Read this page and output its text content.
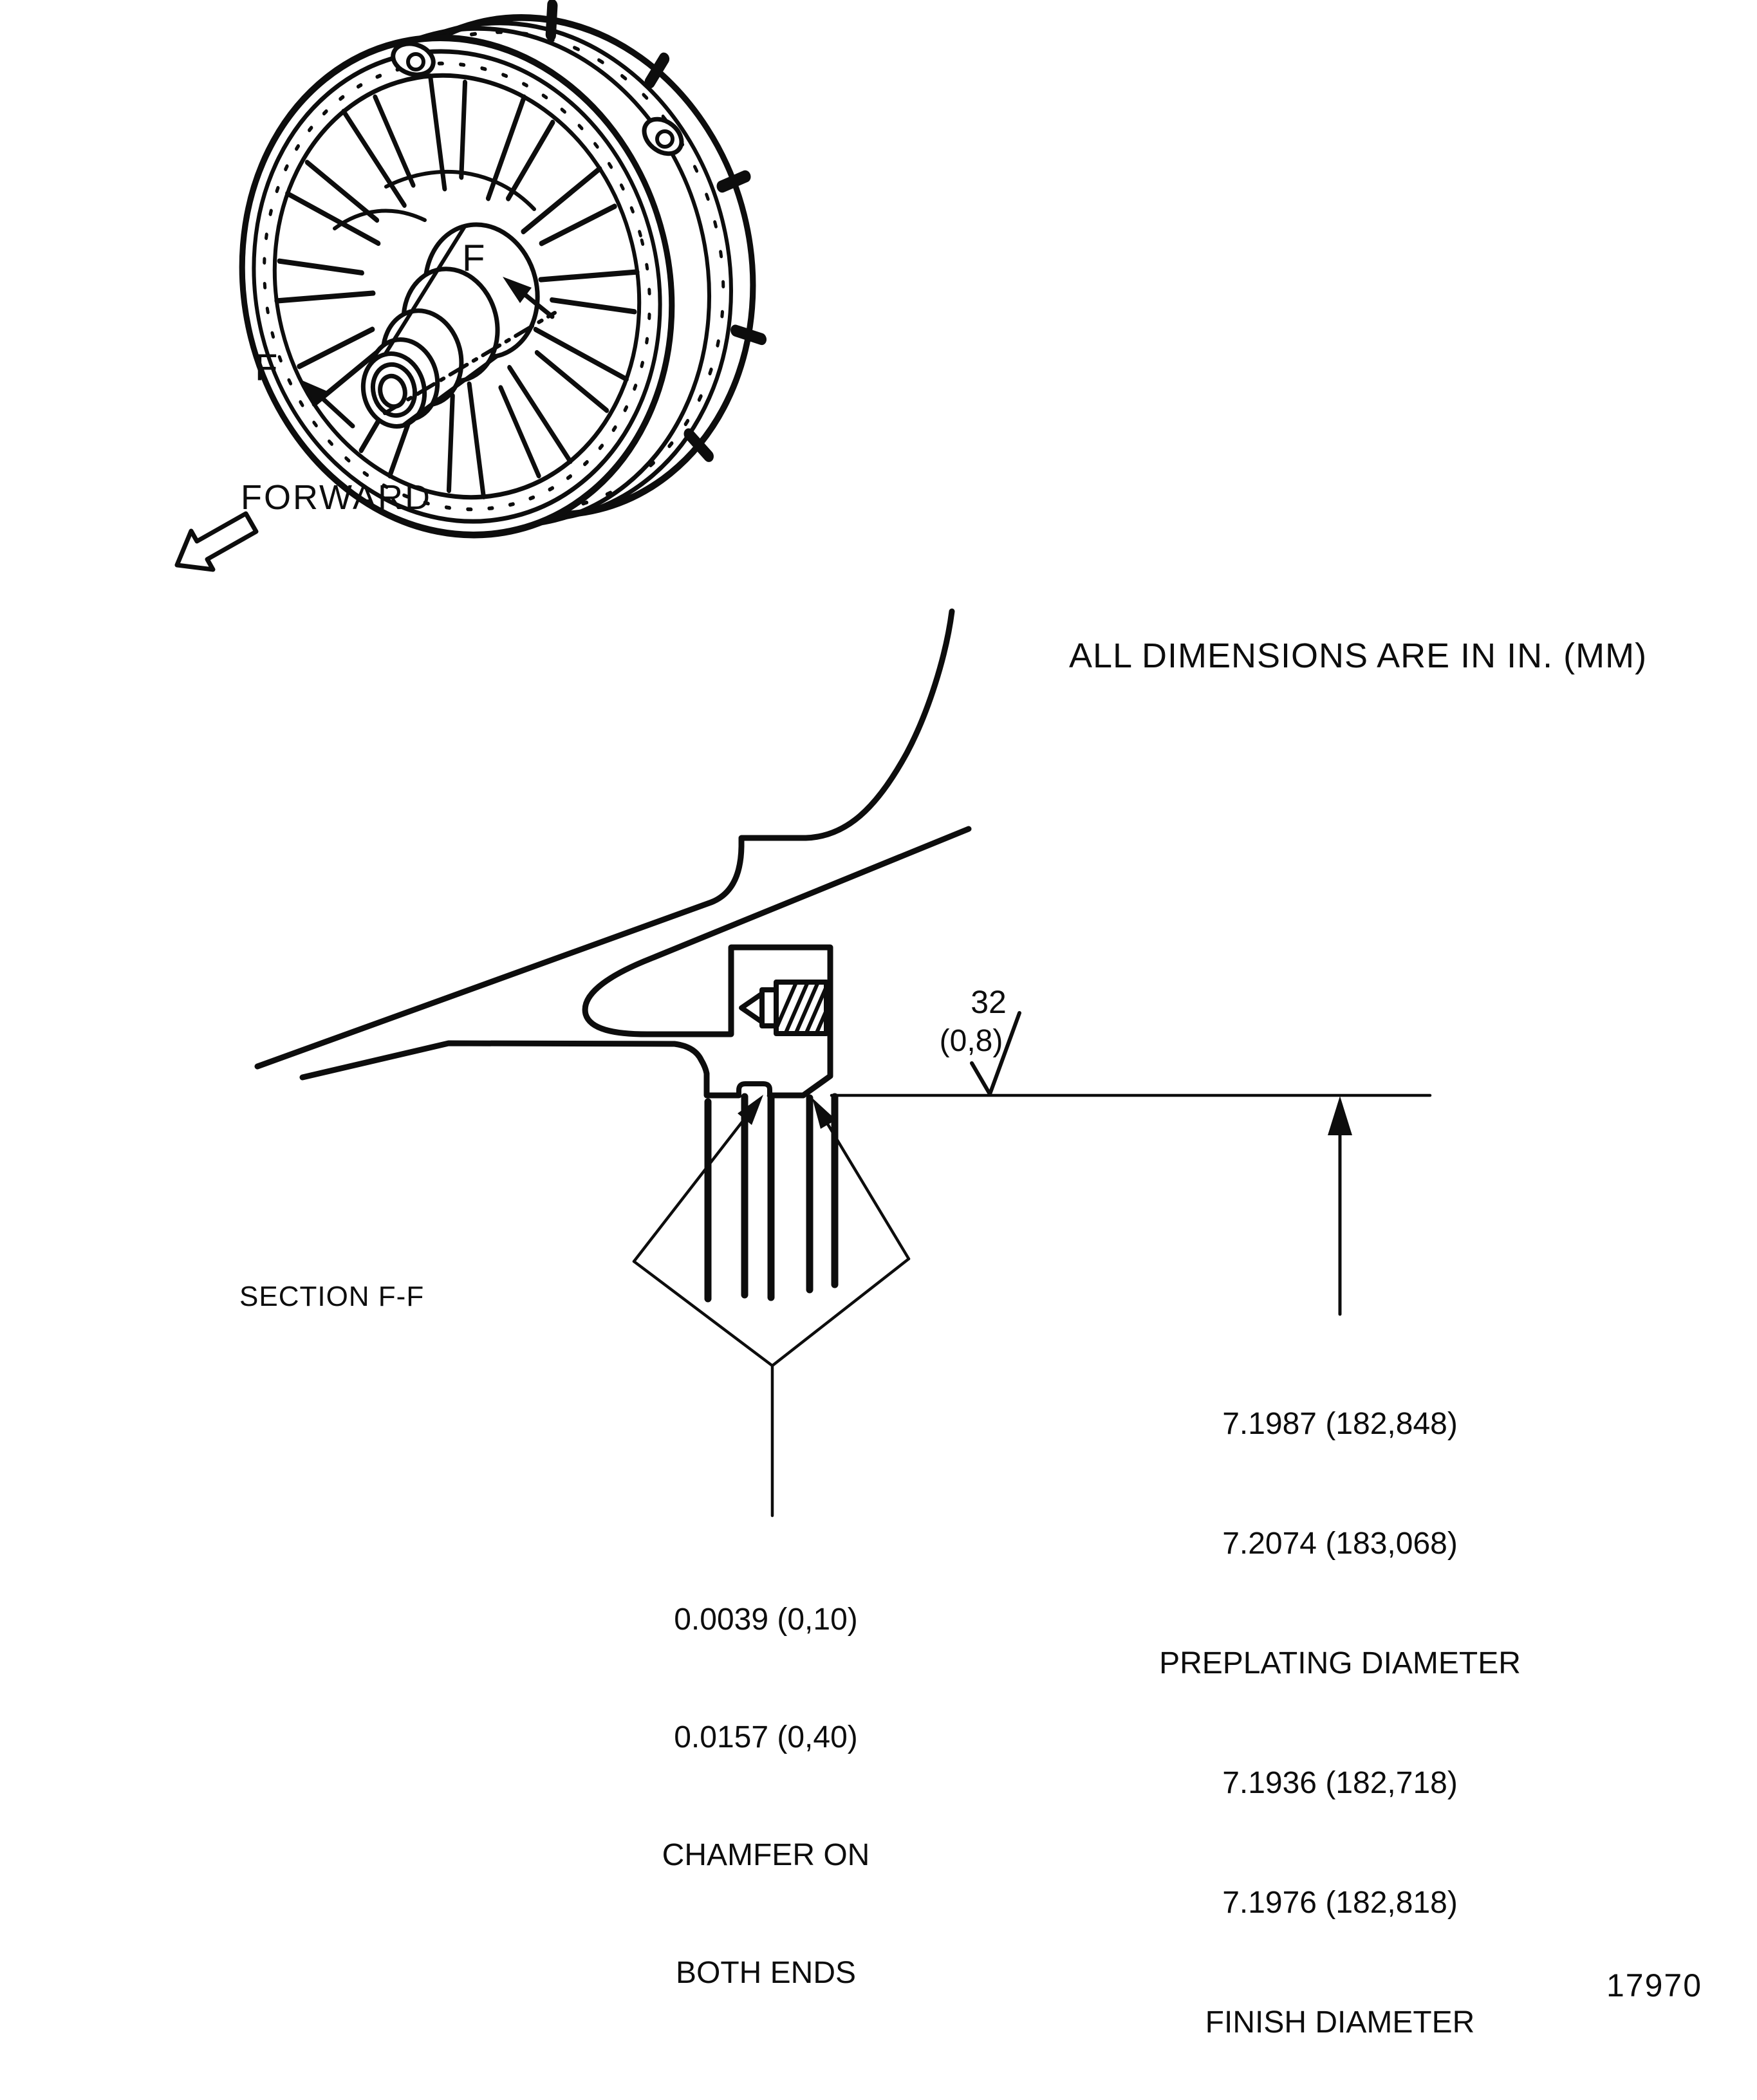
ALL DIMENSIONS ARE IN IN. (MM)
F
F
FORWARD
SECTION F-F
32
(0,8)

0.0039 (0,10)

0.0157 (0,40)

CHAMFER ON

BOTH ENDS

7.1987 (182,848)

7.2074 (183,068)

PREPLATING DIAMETER

7.1936 (182,718)

7.1976 (182,818)

FINISH DIAMETER

17970
